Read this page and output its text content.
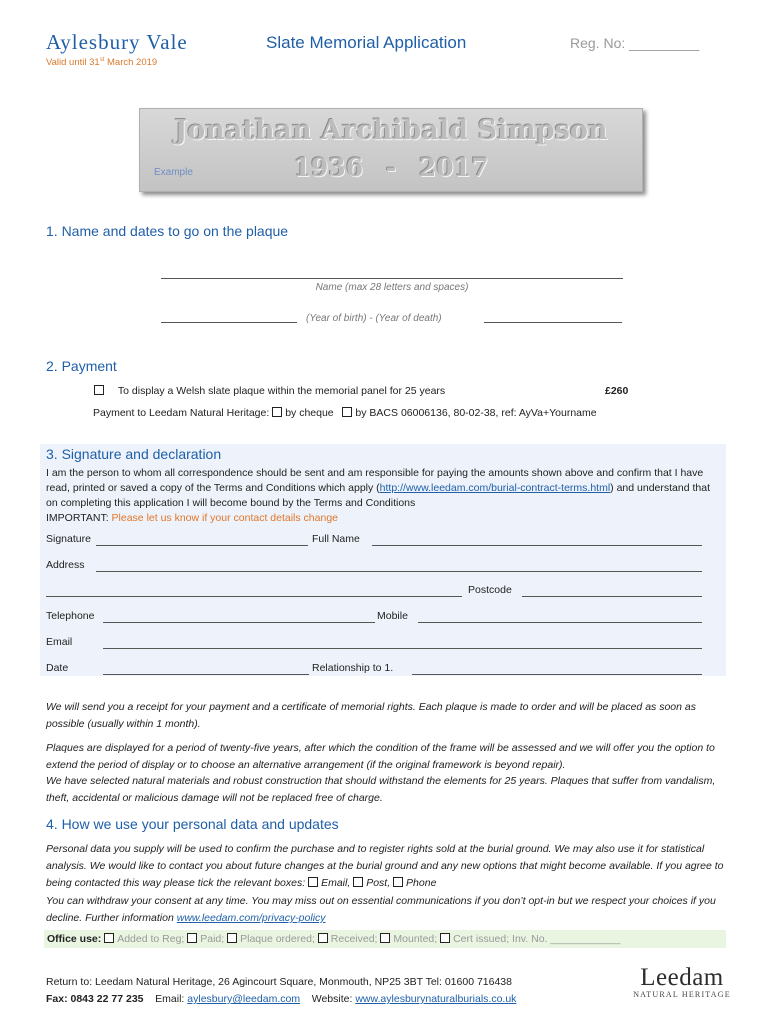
Aylesbury Vale	Slate Memorial Application	Reg. No: _________
Valid until 31st March 2019
Jonathan Archibald Simpson
1936 - 2017
Example
1. Name and dates to go on the plaque
Name (max 28 letters and spaces)
(Year of birth) - (Year of death)
2. Payment
To display a Welsh slate plaque within the memorial panel for 25 years	£260
Payment to Leedam Natural Heritage: by cheque by BACS 06006136, 80-02-38, ref: AyVa+Yourname
3. Signature and declaration
I am the person to whom all correspondence should be sent and am responsible for paying the amounts shown above and confirm that I have read, printed or saved a copy of the Terms and Conditions which apply (http://www.leedam.com/burial-contract-terms.html) and understand that on completing this application I will become bound by the Terms and Conditions
IMPORTANT: Please let us know if your contact details change
Signature	Full Name
Address
Postcode
Telephone	Mobile
Email
Date	Relationship to 1.
We will send you a receipt for your payment and a certificate of memorial rights. Each plaque is made to order and will be placed as soon as possible (usually within 1 month).
Plaques are displayed for a period of twenty-five years, after which the condition of the frame will be assessed and we will offer you the option to extend the period of display or to choose an alternative arrangement (if the original framework is beyond repair).
We have selected natural materials and robust construction that should withstand the elements for 25 years. Plaques that suffer from vandalism, theft, accidental or malicious damage will not be replaced free of charge.
4. How we use your personal data and updates
Personal data you supply will be used to confirm the purchase and to register rights sold at the burial ground. We may also use it for statistical analysis. We would like to contact you about future changes at the burial ground and any new options that might become available. If you agree to being contacted this way please tick the relevant boxes: Email, Post, Phone
You can withdraw your consent at any time. You may miss out on essential communications if you don’t opt-in but we respect your choices if you decline. Further information www.leedam.com/privacy-policy
Office use: Added to Reg; Paid; Plaque ordered; Received; Mounted; Cert issued; Inv. No. ____________
Return to: Leedam Natural Heritage, 26 Agincourt Square, Monmouth, NP25 3BT Tel: 01600 716438
Fax: 0843 22 77 235 Email: aylesbury@leedam.com Website: www.aylesburynaturalburials.co.uk
Leedam
NATURAL HERITAGE
